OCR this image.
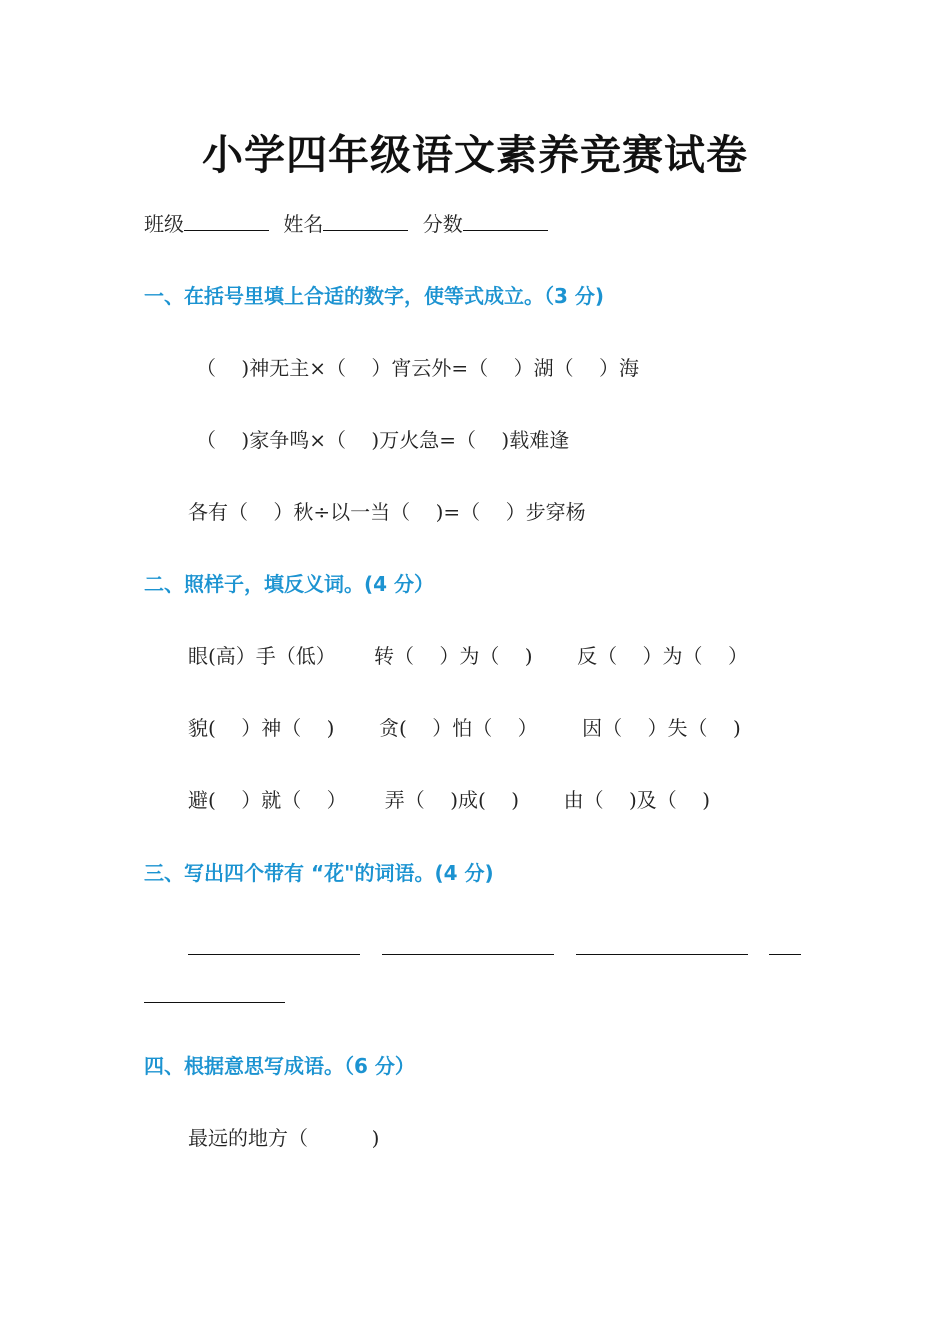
小学四年级语文素养竞赛试卷
班级	姓名	分数
一、在括号里填上合适的数字，使等式成立。（3 分)
（    )神无主×（    ）宵云外=（    ）湖（    ）海
（    )家争鸣×（    )万火急=（    )载难逢
各有（    ）秋÷以一当（    )=（    ）步穿杨
二、照样子，填反义词。(4 分）
眼(高）手（低）      转（    ）为（    )       反（    ）为（    ）
貌(    ）神（    )       贪(    ）怕（    ）       因（    ）失（    )
避(    ）就（    ）      弄（    )成(    )       由（    )及（    )
三、写出四个带有 “花"的词语。(4 分)
四、根据意思写成语。（6 分）
最远的地方（          )
